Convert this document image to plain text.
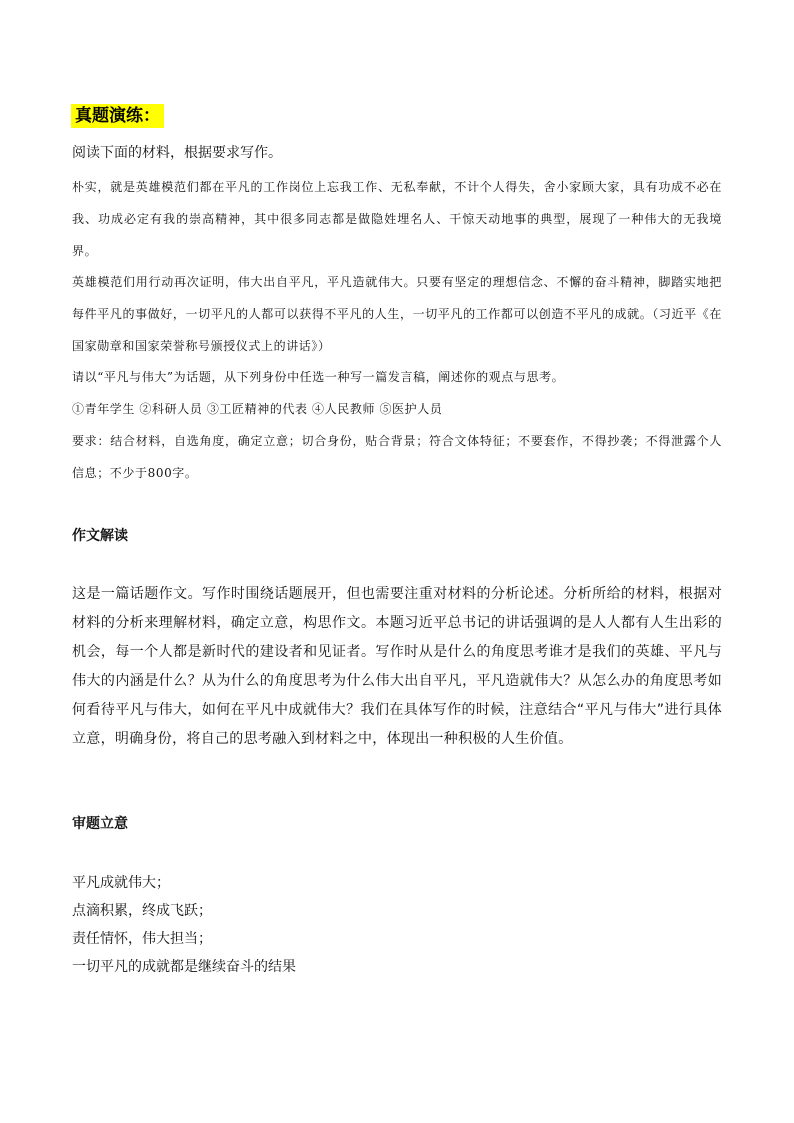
真题演练：
阅读下面的材料，根据要求写作。

朴实，就是英雄模范们都在平凡的工作岗位上忘我工作、无私奉献，不计个人得失，舍小家顾大家，具有功成不必在我、功成必定有我的崇高精神，其中很多同志都是做隐姓埋名人、干惊天动地事的典型，展现了一种伟大的无我境界。

英雄模范们用行动再次证明，伟大出自平凡，平凡造就伟大。只要有坚定的理想信念、不懈的奋斗精神，脚踏实地把每件平凡的事做好，一切平凡的人都可以获得不平凡的人生，一切平凡的工作都可以创造不平凡的成就。（习近平《在国家勋章和国家荣誉称号颁授仪式上的讲话》）

请以“平凡与伟大”为话题，从下列身份中任选一种写一篇发言稿，阐述你的观点与思考。

①青年学生 ②科研人员 ③工匠精神的代表 ④人民教师 ⑤医护人员

要求：结合材料，自选角度，确定立意；切合身份，贴合背景；符合文体特征；不要套作，不得抄袭；不得泄露个人信息；不少于800字。

作文解读

这是一篇话题作文。写作时围绕话题展开，但也需要注重对材料的分析论述。分析所给的材料，根据对材料的分析来理解材料，确定立意，构思作文。本题习近平总书记的讲话强调的是人人都有人生出彩的机会，每一个人都是新时代的建设者和见证者。写作时从是什么的角度思考谁才是我们的英雄、平凡与伟大的内涵是什么？从为什么的角度思考为什么伟大出自平凡，平凡造就伟大？从怎么办的角度思考如何看待平凡与伟大，如何在平凡中成就伟大？我们在具体写作的时候，注意结合“平凡与伟大”进行具体立意，明确身份，将自己的思考融入到材料之中，体现出一种积极的人生价值。

审题立意
平凡成就伟大；
点滴积累，终成飞跃；
责任情怀，伟大担当；
一切平凡的成就都是继续奋斗的结果
